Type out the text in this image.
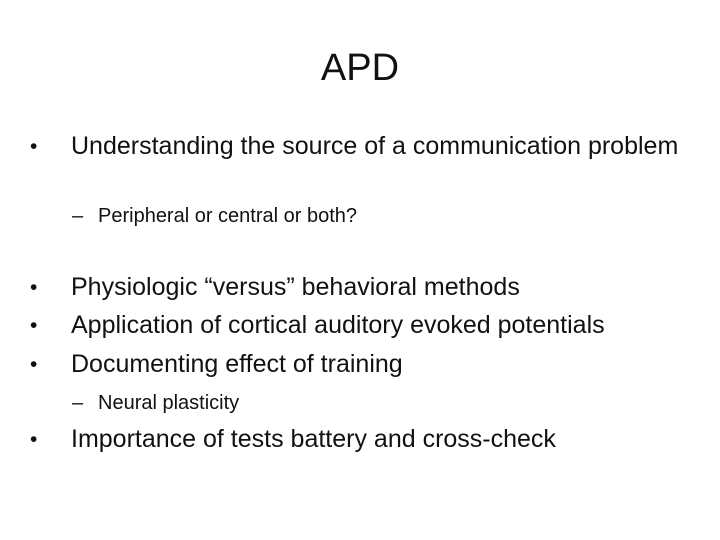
APD
•	Understanding the source of a communication problem
– Peripheral or central or both?
•	Physiologic “versus” behavioral methods
•	Application of cortical auditory evoked potentials
•	Documenting effect of training
– Neural plasticity
•	Importance of tests battery and cross-check
